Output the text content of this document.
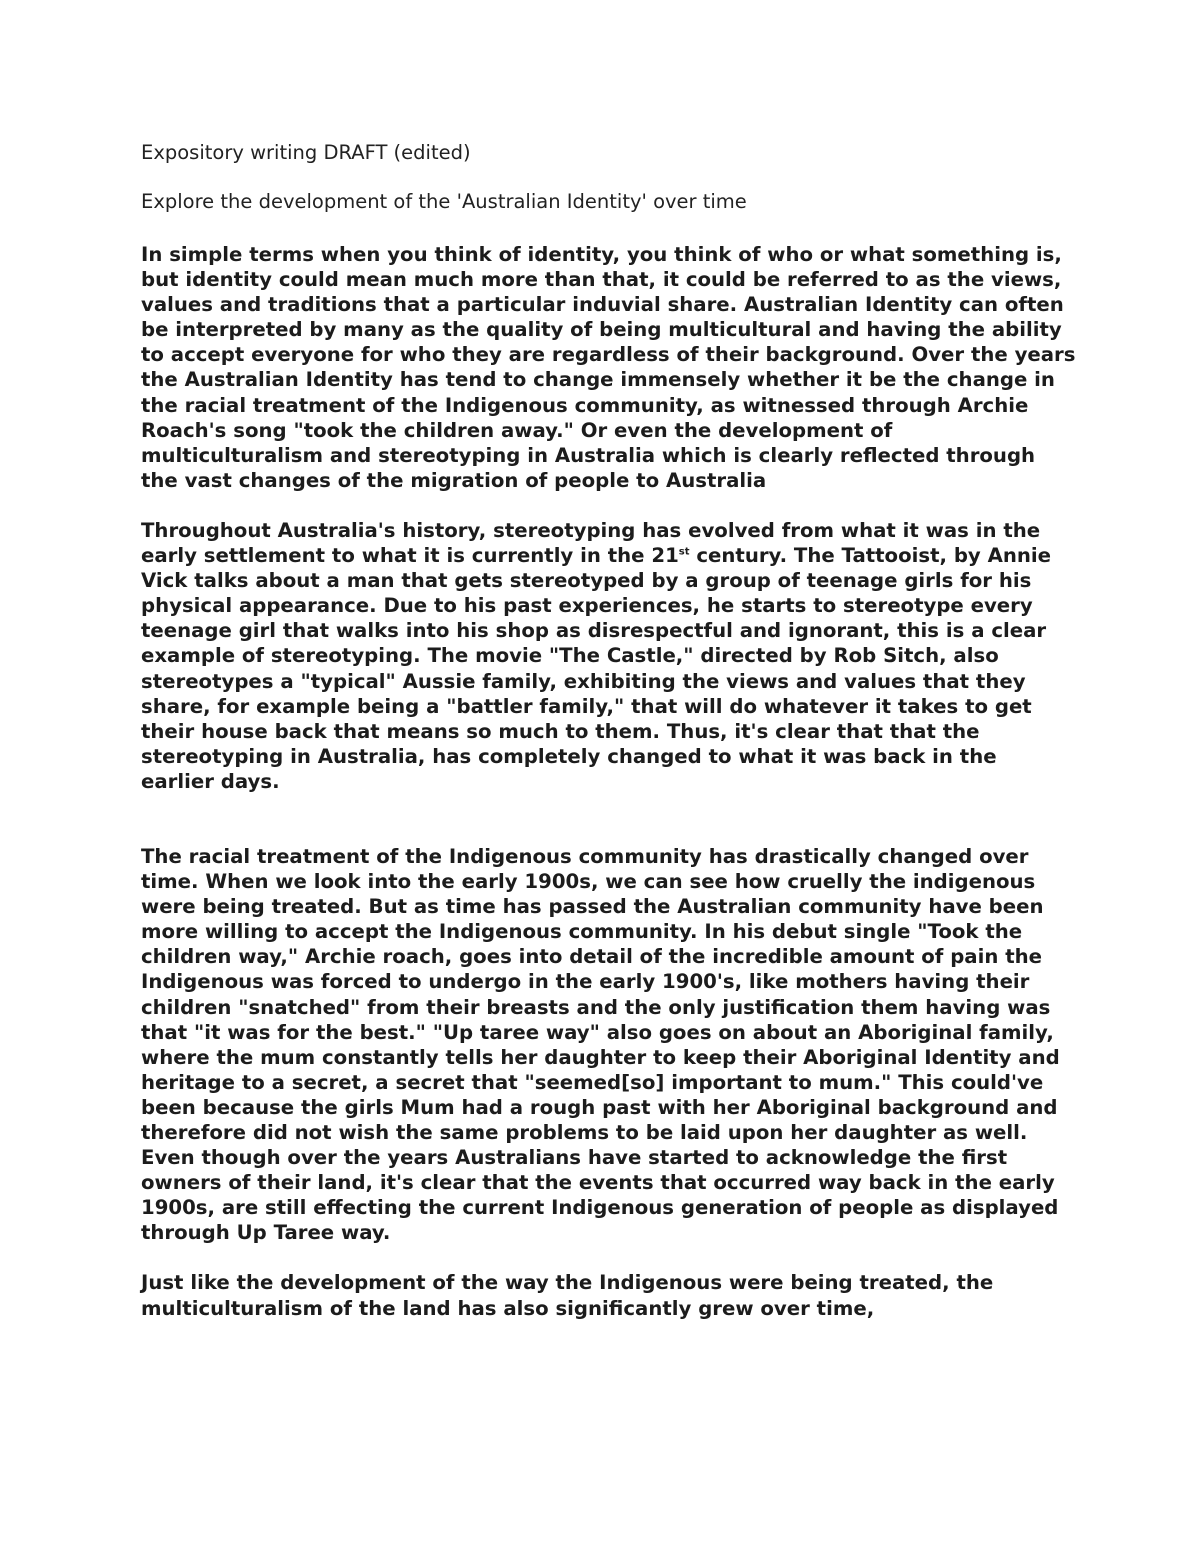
Expository writing DRAFT (edited)

Explore the development of the 'Australian Identity' over time

In simple terms when you think of identity, you think of who or what something is, but identity could mean much more than that, it could be referred to as the views, values and traditions that a particular induvial share. Australian Identity can often be interpreted by many as the quality of being multicultural and having the ability to accept everyone for who they are regardless of their background. Over the years the Australian Identity has tend to change immensely whether it be the change in the racial treatment of the Indigenous community, as witnessed through Archie Roach's song "took the children away." Or even the development of multiculturalism and stereotyping in Australia which is clearly reflected through the vast changes of the migration of people to Australia

Throughout Australia's history, stereotyping has evolved from what it was in the early settlement to what it is currently in the 21st century. The Tattooist, by Annie Vick talks about a man that gets stereotyped by a group of teenage girls for his physical appearance. Due to his past experiences, he starts to stereotype every teenage girl that walks into his shop as disrespectful and ignorant, this is a clear example of stereotyping. The movie "The Castle," directed by Rob Sitch, also stereotypes a "typical" Aussie family, exhibiting the views and values that they share, for example being a "battler family," that will do whatever it takes to get their house back that means so much to them. Thus, it's clear that that the stereotyping in Australia, has completely changed to what it was back in the earlier days.

The racial treatment of the Indigenous community has drastically changed over time. When we look into the early 1900s, we can see how cruelly the indigenous were being treated. But as time has passed the Australian community have been more willing to accept the Indigenous community. In his debut single "Took the children way," Archie roach, goes into detail of the incredible amount of pain the Indigenous was forced to undergo in the early 1900's, like mothers having their children "snatched" from their breasts and the only justification them having was that "it was for the best." "Up taree way" also goes on about an Aboriginal family, where the mum constantly tells her daughter to keep their Aboriginal Identity and heritage to a secret, a secret that "seemed[so] important to mum." This could've been because the girls Mum had a rough past with her Aboriginal background and therefore did not wish the same problems to be laid upon her daughter as well. Even though over the years Australians have started to acknowledge the first owners of their land, it's clear that the events that occurred way back in the early 1900s, are still effecting the current Indigenous generation of people as displayed through Up Taree way.

Just like the development of the way the Indigenous were being treated, the multiculturalism of the land has also significantly grew over time,
